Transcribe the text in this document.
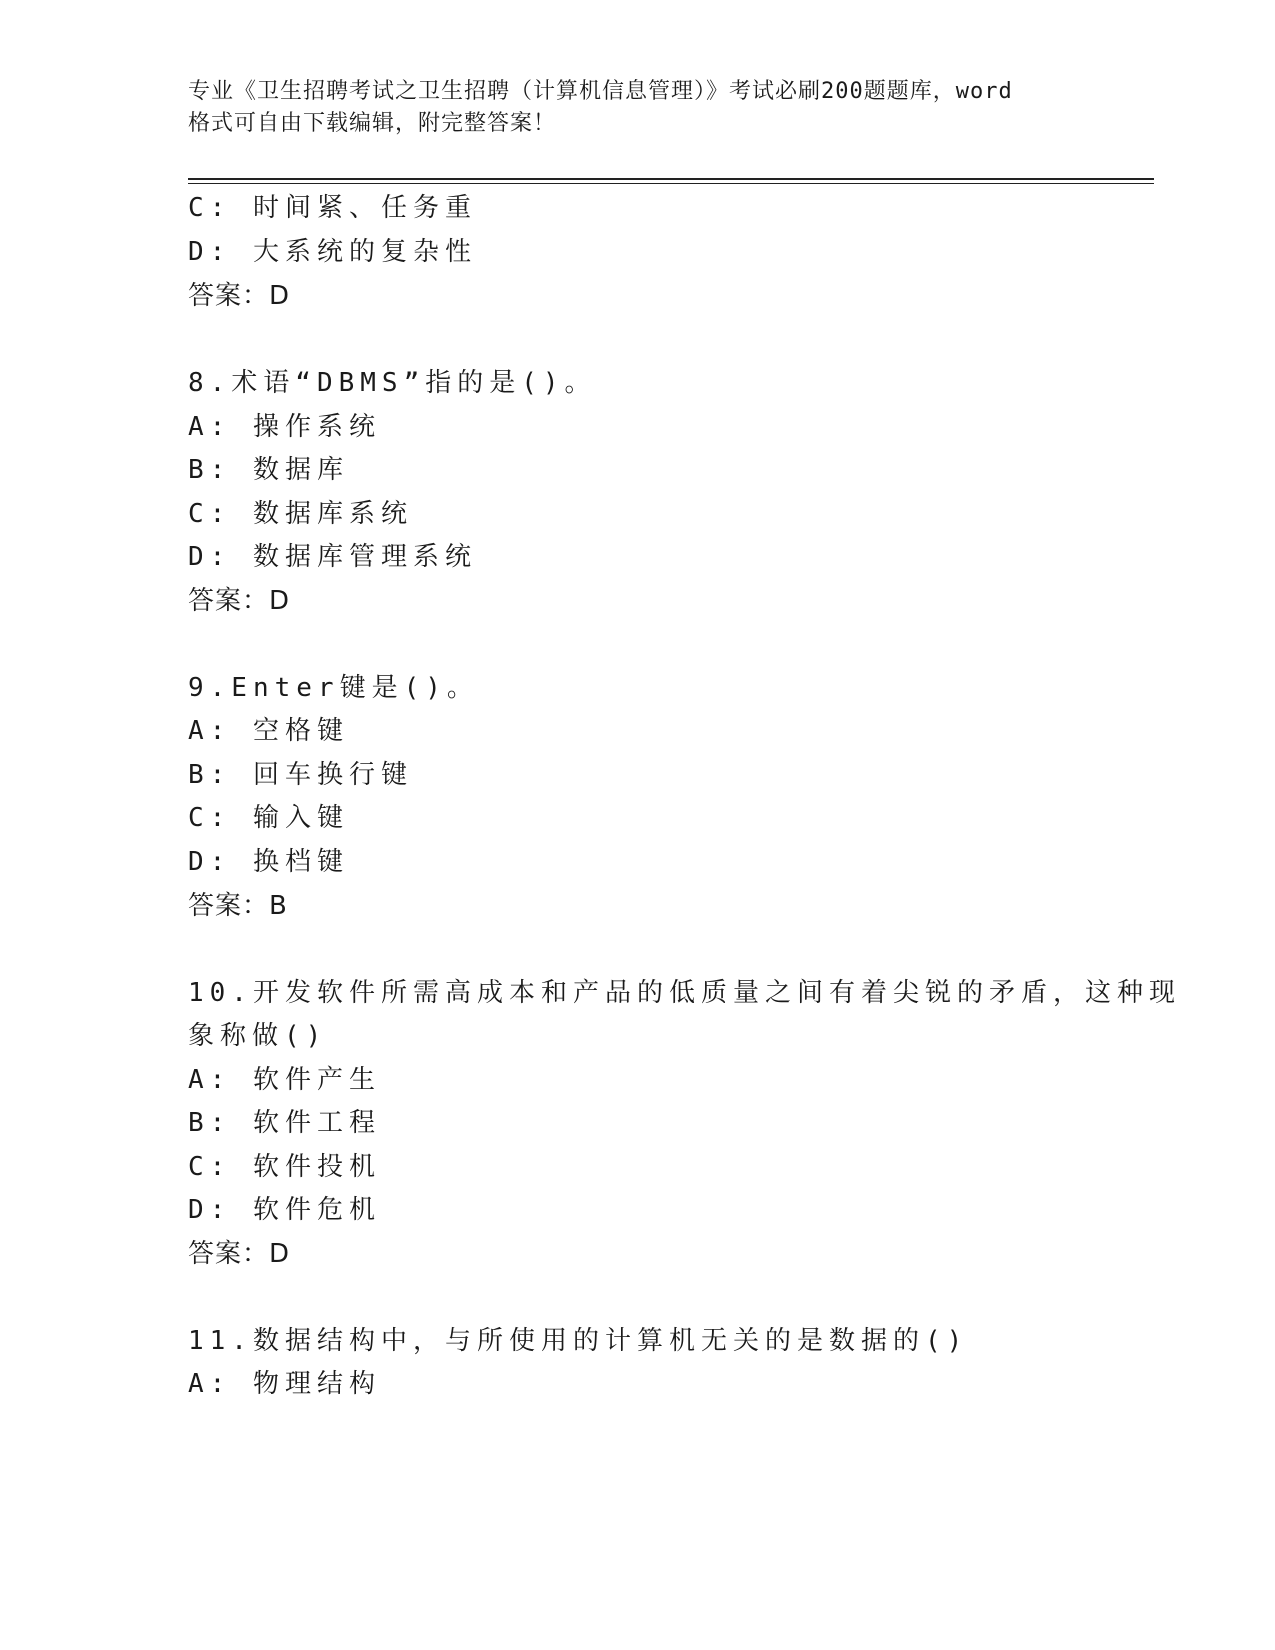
专业《卫生招聘考试之卫生招聘（计算机信息管理）》考试必刷200题题库，word
格式可自由下载编辑，附完整答案！
C: 时间紧、任务重
D: 大系统的复杂性
答案：D
8.术语“DBMS”指的是()。
A: 操作系统
B: 数据库
C: 数据库系统
D: 数据库管理系统
答案：D
9.Enter键是()。
A: 空格键
B: 回车换行键
C: 输入键
D: 换档键
答案：B
10.开发软件所需高成本和产品的低质量之间有着尖锐的矛盾，这种现
象称做()
A: 软件产生
B: 软件工程
C: 软件投机
D: 软件危机
答案：D
11.数据结构中，与所使用的计算机无关的是数据的()
A: 物理结构
